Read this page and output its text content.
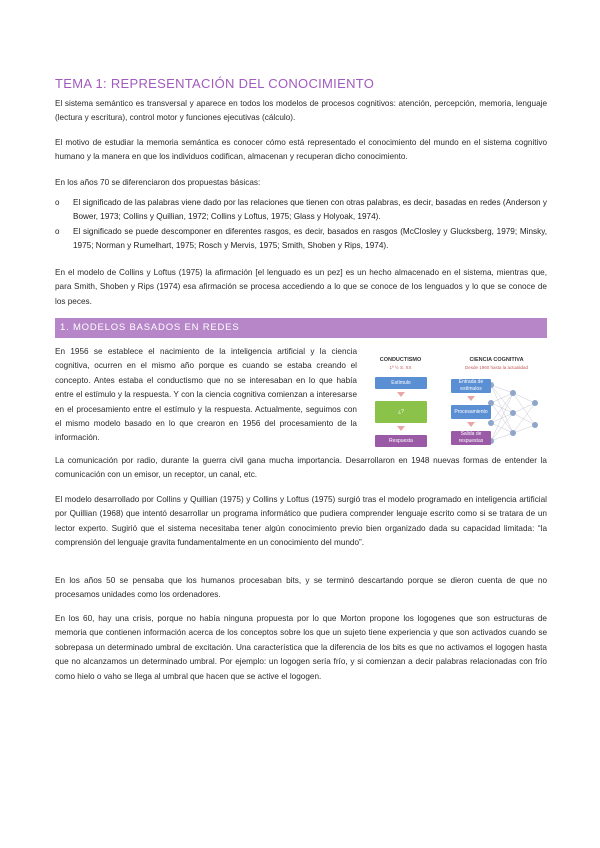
TEMA 1: REPRESENTACIÓN DEL CONOCIMIENTO

El sistema semántico es transversal y aparece en todos los modelos de procesos cognitivos: atención, percepción, memoria, lenguaje (lectura y escritura), control motor y funciones ejecutivas (cálculo).

El motivo de estudiar la memoria semántica es conocer cómo está representado el conocimiento del mundo en el sistema cognitivo humano y la manera en que los individuos codifican, almacenan y recuperan dicho conocimiento.

En los años 70 se diferenciaron dos propuestas básicas:

o El significado de las palabras viene dado por las relaciones que tienen con otras palabras, es decir, basadas en redes (Anderson y Bower, 1973; Collins y Quillian, 1972; Collins y Loftus, 1975; Glass y Holyoak, 1974).
o El significado se puede descomponer en diferentes rasgos, es decir, basados en rasgos (McClosley y Glucksberg, 1979; Minsky, 1975; Norman y Rumelhart, 1975; Rosch y Mervis, 1975; Smith, Shoben y Rips, 1974).

En el modelo de Collins y Loftus (1975) la afirmación [el lenguado es un pez] es un hecho almacenado en el sistema, mientras que, para Smith, Shoben y Rips (1974) esa afirmación se procesa accediendo a lo que se conoce de los lenguados y lo que se conoce de los peces.

1. MODELOS BASADOS EN REDES

En 1956 se establece el nacimiento de la inteligencia artificial y la ciencia cognitiva, ocurren en el mismo año porque es cuando se estaba creando el concepto. Antes estaba el conductismo que no se interesaban en lo que había entre el estímulo y la respuesta. Y con la ciencia cognitiva comienzan a interesarse en el procesamiento entre el estímulo y la respuesta. Actualmente, seguimos con el mismo modelo basado en lo que crearon en 1956 del procesamiento de la información.

CONDUCTISMO
1ª ½ S. XX
Estímulo
¿?
Respuesta
CIENCIA COGNITIVA
Desde 1960 hasta la actualidad
Entrada de estímulos
Procesamiento
Salida de respuestas

La comunicación por radio, durante la guerra civil gana mucha importancia. Desarrollaron en 1948 nuevas formas de entender la comunicación con un emisor, un receptor, un canal, etc.

El modelo desarrollado por Collins y Quillian (1975) y Collins y Loftus (1975) surgió tras el modelo programado en inteligencia artificial por Quillian (1968) que intentó desarrollar un programa informático que pudiera comprender lenguaje escrito como si se tratara de un lector experto. Sugirió que el sistema necesitaba tener algún conocimiento previo bien organizado dada su capacidad limitada: “la comprensión del lenguaje gravita fundamentalmente en un conocimiento del mundo”.

En los años 50 se pensaba que los humanos procesaban bits, y se terminó descartando porque se dieron cuenta de que no procesamos unidades como los ordenadores.

En los 60, hay una crisis, porque no había ninguna propuesta por lo que Morton propone los logogenes que son estructuras de memoria que contienen información acerca de los conceptos sobre los que un sujeto tiene experiencia y que son activados cuando se sobrepasa un determinado umbral de excitación. Una característica que la diferencia de los bits es que no activamos el logogen hasta que no alcanzamos un determinado umbral. Por ejemplo: un logogen sería frío, y si comienzan a decir palabras relacionadas con frío como hielo o vaho se llega al umbral que hacen que se active el logogen.
